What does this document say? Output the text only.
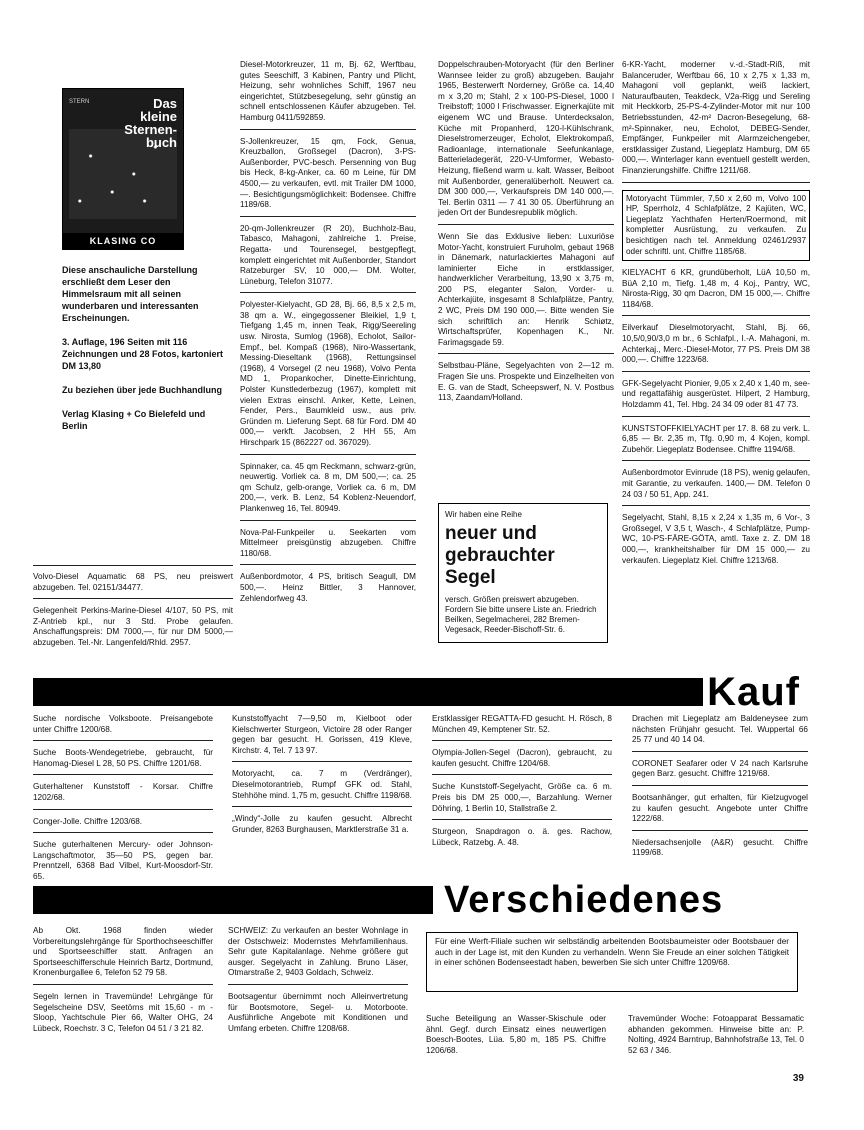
STERN	Das
kleine
Sternen-
buch
KLASING CO

Diese anschauliche Darstellung erschließt dem Leser den Himmelsraum mit all seinen wunderbaren und interessanten Erscheinungen.

3. Auflage, 196 Seiten mit 116 Zeichnungen und 28 Fotos, kartoniert DM 13,80

Zu beziehen über jede Buchhandlung

Verlag Klasing + Co Bielefeld und Berlin

Volvo-Diesel Aquamatic 68 PS, neu preiswert abzugeben. Tel. 02151/34477.
Gelegenheit Perkins-Marine-Diesel 4/107, 50 PS, mit Z-Antrieb kpl., nur 3 Std. Probe gelaufen. Anschaffungspreis: DM 7000,—, für nur DM 5000,— abzugeben. Tel.-Nr. Langenfeld/Rhld. 2957.
Diesel-Motorkreuzer, 11 m, Bj. 62, Werftbau, gutes Seeschiff, 3 Kabinen, Pantry und Plicht, Heizung, sehr wohnliches Schiff, 1967 neu eingerichtet, Stützbesegelung, sehr günstig an schnell entschlossenen Käufer abzugeben. Tel. Hamburg 0411/592859.
S-Jollenkreuzer, 15 qm, Fock, Genua, Kreuzballon, Großsegel (Dacron), 3-PS-Außenborder, PVC-besch. Persenning von Bug bis Heck, 8-kg-Anker, ca. 60 m Leine, für DM 4500,— zu verkaufen, evtl. mit Trailer DM 1000,—. Besichtigungsmöglichkeit: Bodensee. Chiffre 1189/68.
20-qm-Jollenkreuzer (R 20), Buchholz-Bau, Tabasco, Mahagoni, zahlreiche 1. Preise, Regatta- und Tourensegel, bestgepflegt, komplett eingerichtet mit Außenborder, Standort Ratzeburger SV, 10 000,— DM. Wolter, Lüneburg, Telefon 31077.
Polyester-Kielyacht, GD 28, Bj. 66, 8,5 x 2,5 m, 38 qm a. W., eingegossener Bleikiel, 1,9 t, Tiefgang 1,45 m, innen Teak, Rigg/Seereling usw. Nirosta, Sumlog (1968), Echolot, Sailor-Empf., bel. Kompaß (1968), Niro-Wassertank, Messing-Dieseltank (1968), Rettungsinsel (1968), 4 Vorsegel (2 neu 1968), Volvo Penta MD 1, Propankocher, Dinette-Einrichtung, Polster Kunstlederbezug (1967), komplett mit vielen Extras einschl. Anker, Kette, Leinen, Fender, Pers., Baumkleid usw., aus priv. Gründen m. Lieferung Sept. 68 für Ford. DM 40 000,— verkft. Jacobsen, 2 HH 55, Am Hirschpark 15 (862227 od. 367029).
Spinnaker, ca. 45 qm Reckmann, schwarz-grün, neuwertig. Vorliek ca. 8 m, DM 500,—; ca. 25 qm Schulz, gelb-orange, Vorliek ca. 6 m, DM 200,—, verk. B. Lenz, 54 Koblenz-Neuendorf, Plankenweg 16, Tel. 80949.
Nova-Pal-Funkpeiler u. Seekarten vom Mittelmeer preisgünstig abzugeben. Chiffre 1180/68.
Außenbordmotor, 4 PS, britisch Seagull, DM 500,—. Heinz Bittler, 3 Hannover, Zehlendorfweg 43.
Doppelschrauben-Motoryacht (für den Berliner Wannsee leider zu groß) abzugeben. Baujahr 1965, Besterwerft Norderney, Größe ca. 14,40 m x 3,20 m; Stahl, 2 x 100-PS-Diesel, 1000 l Treibstoff; 1000 l Frischwasser. Eignerkajüte mit eigenem WC und Brause. Unterdecksalon, Küche mit Propanherd, 120-l-Kühlschrank, Dieselstromerzeuger, Echolot, Elektrokompaß, Radioanlage, internationale Seefunkanlage, Batterieladegerät, 220-V-Umformer, Webasto-Heizung, fließend warm u. kalt. Wasser, Beiboot mit Außenborder, generalüberholt. Neuwert ca. DM 300 000,—, Verkaufspreis DM 140 000,—. Tel. Berlin 0311 — 7 41 30 05. Überführung an jeden Ort der Bundesrepublik möglich.
Wenn Sie das Exklusive lieben: Luxuriöse Motor-Yacht, konstruiert Furuholm, gebaut 1968 in Dänemark, naturlackiertes Mahagoni auf laminierter Eiche in erstklassiger, handwerklicher Verarbeitung, 13,90 x 3,75 m, 200 PS, eleganter Salon, Vorder- u. Achterkajüte, insgesamt 8 Schlafplätze, Pantry, 2 WC, Preis DM 190 000,—. Bitte wenden Sie sich schriftlich an: Henrik Schiøtz, Wirtschaftsprüfer, Kopenhagen K., Nr. Farimagsgade 59.
Selbstbau-Pläne, Segelyachten von 2—12 m. Fragen Sie uns. Prospekte und Einzelheiten von E. G. van de Stadt, Scheepswerf, N. V. Postbus 113, Zaandam/Holland.
Wir haben eine Reihe
neuer und gebrauchter Segel
versch. Größen preiswert abzugeben. Fordern Sie bitte unsere Liste an. Friedrich Beilken, Segelmacherei, 282 Bremen-Vegesack, Reeder-Bischoff-Str. 6.
6-KR-Yacht, moderner v.-d.-Stadt-Riß, mit Balanceruder, Werftbau 66, 10 x 2,75 x 1,33 m, Mahagoni voll geplankt, weiß lackiert, Naturaufbauten, Teakdeck, V2a-Rigg und Sereling mit Heckkorb, 25-PS-4-Zylinder-Motor mit nur 100 Betriebsstunden, 42-m² Dacron-Besegelung, 68-m²-Spinnaker, neu, Echolot, DEBEG-Sender, Empfänger, Funkpeiler mit Alarmzeichengeber, erstklassiger Zustand, Liegeplatz Hamburg, DM 65 000,—. Winterlager kann eventuell gestellt werden, Finanzierungshilfe. Chiffre 1211/68.
Motoryacht Tümmler, 7,50 x 2,60 m, Volvo 100 HP, Sperrholz, 4 Schlafplätze, 2 Kajüten, WC, Liegeplatz Yachthafen Herten/Roermond, mit kompletter Ausrüstung, zu verkaufen. Zu besichtigen nach tel. Anmeldung 02461/2937 oder schriftl. unt. Chiffre 1185/68.
KIELYACHT 6 KR, grundüberholt, LüA 10,50 m, BüA 2,10 m, Tiefg. 1,48 m, 4 Koj., Pantry, WC, Nirosta-Rigg, 30 qm Dacron, DM 15 000,—. Chiffre 1184/68.
Eilverkauf Dieselmotoryacht, Stahl, Bj. 66, 10,5/0,90/3,0 m br., 6 Schlafpl., I.-A. Mahagoni, m. Achterkaj., Merc.-Diesel-Motor, 77 PS. Preis DM 38 000,—. Chiffre 1223/68.
GFK-Segelyacht Pionier, 9,05 x 2,40 x 1,40 m, see- und regattafähig ausgerüstet. Hilpert, 2 Hamburg, Holzdamm 41, Tel. Hbg. 24 34 09 oder 81 47 73.
KUNSTSTOFFKIELYACHT per 17. 8. 68 zu verk. L. 6,85 — Br. 2,35 m, Tfg. 0,90 m, 4 Kojen, kompl. Zubehör. Liegeplatz Bodensee. Chiffre 1194/68.
Außenbordmotor Evinrude (18 PS), wenig gelaufen, mit Garantie, zu verkaufen. 1400,— DM. Telefon 0 24 03 / 50 51, App. 241.
Segelyacht, Stahl, 8,15 x 2,24 x 1,35 m, 6 Vor-, 3 Großsegel, V 3,5 t, Wasch-, 4 Schlafplätze, Pump-WC, 10-PS-FÄRE-GÖTA, amtl. Taxe z. Z. DM 18 000,—, krankheitshalber für DM 15 000,— zu verkaufen. Liegeplatz Kiel. Chiffre 1213/68.
Kauf
Suche nordische Volksboote. Preisangebote unter Chiffre 1200/68.
Suche Boots-Wendegetriebe, gebraucht, für Hanomag-Diesel L 28, 50 PS. Chiffre 1201/68.
Guterhaltener Kunststoff - Korsar. Chiffre 1202/68.
Conger-Jolle. Chiffre 1203/68.
Suche guterhaltenen Mercury- oder Johnson-Langschaftmotor, 35—50 PS, gegen bar. Prenntzell, 6368 Bad Vilbel, Kurt-Moosdorf-Str. 65.
Kunststoffyacht 7—9,50 m, Kielboot oder Kielschwerter Sturgeon, Victoire 28 oder Ranger gegen bar gesucht. H. Gorissen, 419 Kleve, Kirchstr. 4, Tel. 7 13 97.
Motoryacht, ca. 7 m (Verdränger), Dieselmotorantrieb, Rumpf GFK od. Stahl, Stehhöhe mind. 1,75 m, gesucht. Chiffre 1198/68.
„Windy“-Jolle zu kaufen gesucht. Albrecht Grunder, 8263 Burghausen, Marktlerstraße 31 a.
Erstklassiger REGATTA-FD gesucht. H. Rösch, 8 München 49, Kemptener Str. 52.
Olympia-Jollen-Segel (Dacron), gebraucht, zu kaufen gesucht. Chiffre 1204/68.
Suche Kunststoff-Segelyacht, Größe ca. 6 m. Preis bis DM 25 000,—, Barzahlung. Werner Döhring, 1 Berlin 10, Stallstraße 2.
Sturgeon, Snapdragon o. ä. ges. Rachow, Lübeck, Ratzebg. A. 48.
Drachen mit Liegeplatz am Baldeneysee zum nächsten Frühjahr gesucht. Tel. Wuppertal 66 25 77 und 40 14 04.
CORONET Seafarer oder V 24 nach Karlsruhe gegen Barz. gesucht. Chiffre 1219/68.
Bootsanhänger, gut erhalten, für Kielzugvogel zu kaufen gesucht. Angebote unter Chiffre 1222/68.
Niedersachsenjolle (A&R) gesucht. Chiffre 1199/68.
Verschiedenes
Ab Okt. 1968 finden wieder Vorbereitungslehrgänge für Sporthochseeschiffer und Sportseeschiffer statt. Anfragen an Sportseeschifferschule Heinrich Bartz, Dortmund, Kronenburgallee 6, Telefon 52 79 58.
Segeln lernen in Travemünde! Lehrgänge für Segelscheine DSV, Seetörns mit 15,60 - m - Sloop, Yachtschule Pier 66, Walter OHG, 24 Lübeck, Roechstr. 3 C, Telefon 04 51 / 3 21 82.
SCHWEIZ: Zu verkaufen an bester Wohnlage in der Ostschweiz: Modernstes Mehrfamilienhaus. Sehr gute Kapitalanlage. Nehme größere gut ausger. Segelyacht in Zahlung. Bruno Läser, Otmarstraße 2, 9403 Goldach, Schweiz.
Bootsagentur übernimmt noch Alleinvertretung für Bootsmotore, Segel- u. Motorboote. Ausführliche Angebote mit Konditionen und Umfang erbeten. Chiffre 1208/68.
Für eine Werft-Filiale suchen wir selbständig arbeitenden Bootsbaumeister oder Bootsbauer der auch in der Lage ist, mit den Kunden zu verhandeln. Wenn Sie Freude an einer solchen Tätigkeit in einer schönen Bodenseestadt haben, bewerben Sie sich unter Chiffre 1209/68.
Suche Beteiligung an Wasser-Skischule oder ähnl. Gegf. durch Einsatz eines neuwertigen Boesch-Bootes, Lüa. 5,80 m, 185 PS. Chiffre 1206/68.
Travemünder Woche: Fotoapparat Bessamatic abhanden gekommen. Hinweise bitte an: P. Nolting, 4924 Barntrup, Bahnhofstraße 13, Tel. 0 52 63 / 346.
39
